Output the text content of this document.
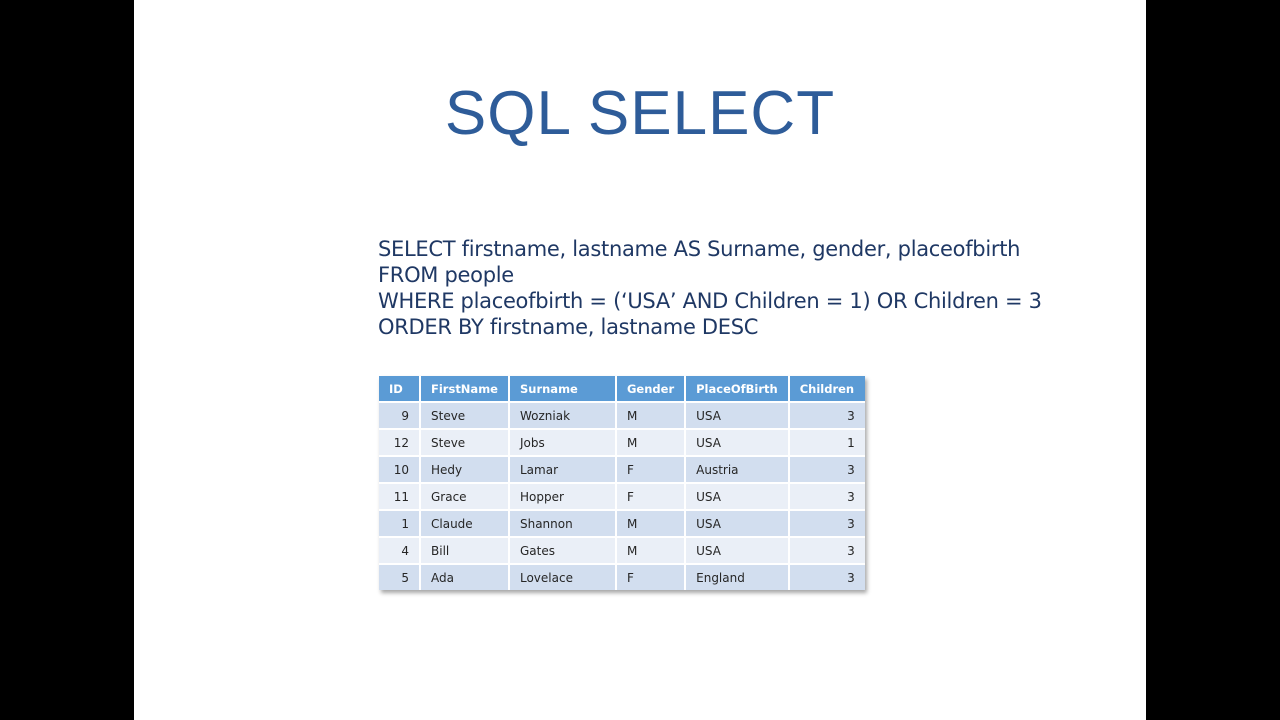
SQL SELECT
SELECT firstname, lastname AS Surname, gender, placeofbirth
FROM people
WHERE placeofbirth = (‘USA’ AND Children = 1) OR Children = 3
ORDER BY firstname, lastname DESC
ID	FirstName	Surname	Gender	PlaceOfBirth	Children
9	Steve	Wozniak	M	USA	3
12	Steve	Jobs	M	USA	1
10	Hedy	Lamar	F	Austria	3
11	Grace	Hopper	F	USA	3
1	Claude	Shannon	M	USA	3
4	Bill	Gates	M	USA	3
5	Ada	Lovelace	F	England	3
